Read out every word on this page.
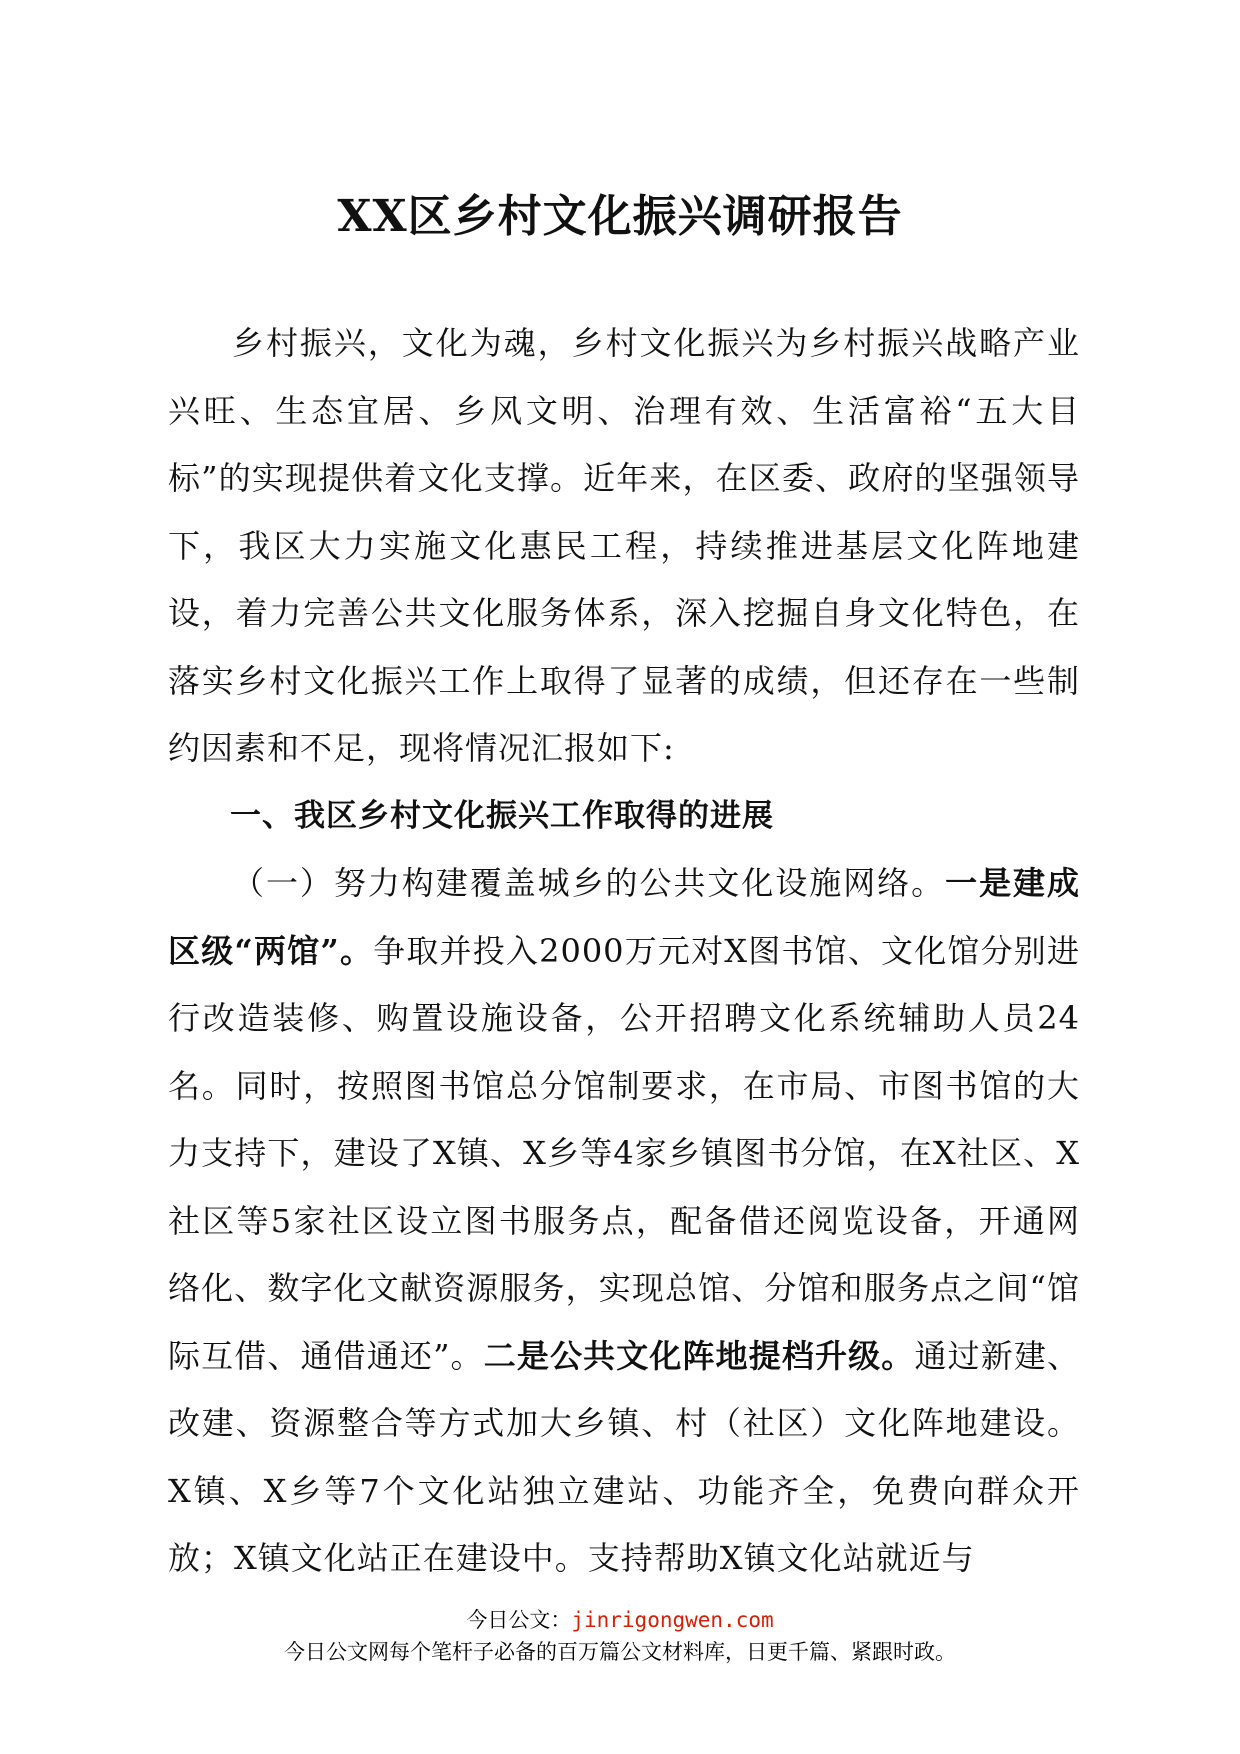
XX区乡村文化振兴调研报告

乡村振兴，文化为魂，乡村文化振兴为乡村振兴战略产业兴旺、生态宜居、乡风文明、治理有效、生活富裕“五大目标”的实现提供着文化支撑。近年来，在区委、政府的坚强领导下，我区大力实施文化惠民工程，持续推进基层文化阵地建设，着力完善公共文化服务体系，深入挖掘自身文化特色，在落实乡村文化振兴工作上取得了显著的成绩，但还存在一些制约因素和不足，现将情况汇报如下:

一、我区乡村文化振兴工作取得的进展

（一）努力构建覆盖城乡的公共文化设施网络。一是建成区级“两馆”。争取并投入2000万元对X图书馆、文化馆分别进行改造装修、购置设施设备，公开招聘文化系统辅助人员24名。同时，按照图书馆总分馆制要求，在市局、市图书馆的大力支持下，建设了X镇、X乡等4家乡镇图书分馆，在X社区、X社区等5家社区设立图书服务点，配备借还阅览设备，开通网络化、数字化文献资源服务，实现总馆、分馆和服务点之间“馆际互借、通借通还”。二是公共文化阵地提档升级。通过新建、改建、资源整合等方式加大乡镇、村（社区）文化阵地建设。X镇、X乡等7个文化站独立建站、功能齐全，免费向群众开放；X镇文化站正在建设中。支持帮助X镇文化站就近与

今日公文：jinrigongwen.com
今日公文网每个笔杆子必备的百万篇公文材料库，日更千篇、紧跟时政。
